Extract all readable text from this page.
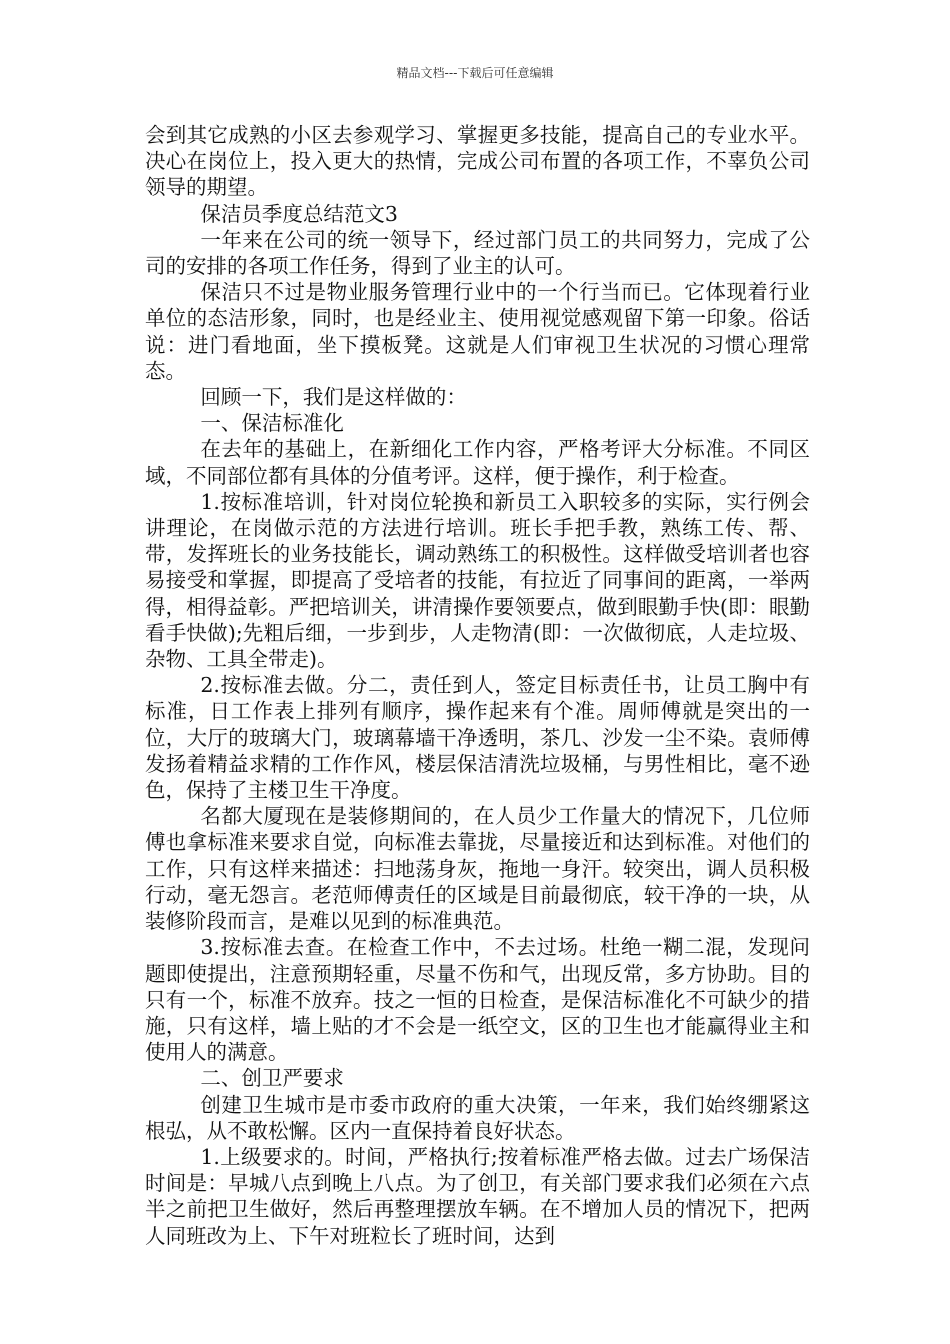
精品文档---下载后可任意编辑

会到其它成熟的小区去参观学习、掌握更多技能，提高自己的专业水平。决心在岗位上，投入更大的热情，完成公司布置的各项工作，不辜负公司领导的期望。

保洁员季度总结范文3

一年来在公司的统一领导下，经过部门员工的共同努力，完成了公司的安排的各项工作任务，得到了业主的认可。

保洁只不过是物业服务管理行业中的一个行当而已。它体现着行业单位的态洁形象，同时，也是经业主、使用视觉感观留下第一印象。俗话说：进门看地面，坐下摸板凳。这就是人们审视卫生状况的习惯心理常态。

回顾一下，我们是这样做的：

一、保洁标准化

在去年的基础上，在新细化工作内容，严格考评大分标准。不同区域，不同部位都有具体的分值考评。这样，便于操作，利于检查。

1.按标准培训，针对岗位轮换和新员工入职较多的实际，实行例会讲理论，在岗做示范的方法进行培训。班长手把手教，熟练工传、帮、带，发挥班长的业务技能长，调动熟练工的积极性。这样做受培训者也容易接受和掌握，即提高了受培者的技能，有拉近了同事间的距离，一举两得，相得益彰。严把培训关，讲清操作要领要点，做到眼勤手快(即：眼勤看手快做);先粗后细，一步到步，人走物清(即：一次做彻底，人走垃圾、杂物、工具全带走)。

2.按标准去做。分二，责任到人，签定目标责任书，让员工胸中有标准，日工作表上排列有顺序，操作起来有个准。周师傅就是突出的一位，大厅的玻璃大门，玻璃幕墙干净透明，茶几、沙发一尘不染。袁师傅发扬着精益求精的工作作风，楼层保洁清洗垃圾桶，与男性相比，毫不逊色，保持了主楼卫生干净度。

名都大厦现在是装修期间的，在人员少工作量大的情况下，几位师傅也拿标准来要求自觉，向标准去靠拢，尽量接近和达到标准。对他们的工作，只有这样来描述：扫地荡身灰，拖地一身汗。较突出，调人员积极行动，毫无怨言。老范师傅责任的区域是目前最彻底，较干净的一块，从装修阶段而言，是难以见到的标准典范。

3.按标准去查。在检查工作中，不去过场。杜绝一糊二混，发现问题即使提出，注意预期轻重，尽量不伤和气，出现反常，多方协助。目的只有一个，标准不放弃。技之一恒的日检查，是保洁标准化不可缺少的措施，只有这样，墙上贴的才不会是一纸空文，区的卫生也才能赢得业主和使用人的满意。

二、创卫严要求

创建卫生城市是市委市政府的重大决策，一年来，我们始终绷紧这根弘，从不敢松懈。区内一直保持着良好状态。

1.上级要求的。时间，严格执行;按着标准严格去做。过去广场保洁时间是：早城八点到晚上八点。为了创卫，有关部门要求我们必须在六点半之前把卫生做好，然后再整理摆放车辆。在不增加人员的情况下，把两人同班改为上、下午对班粒长了班时间，达到
